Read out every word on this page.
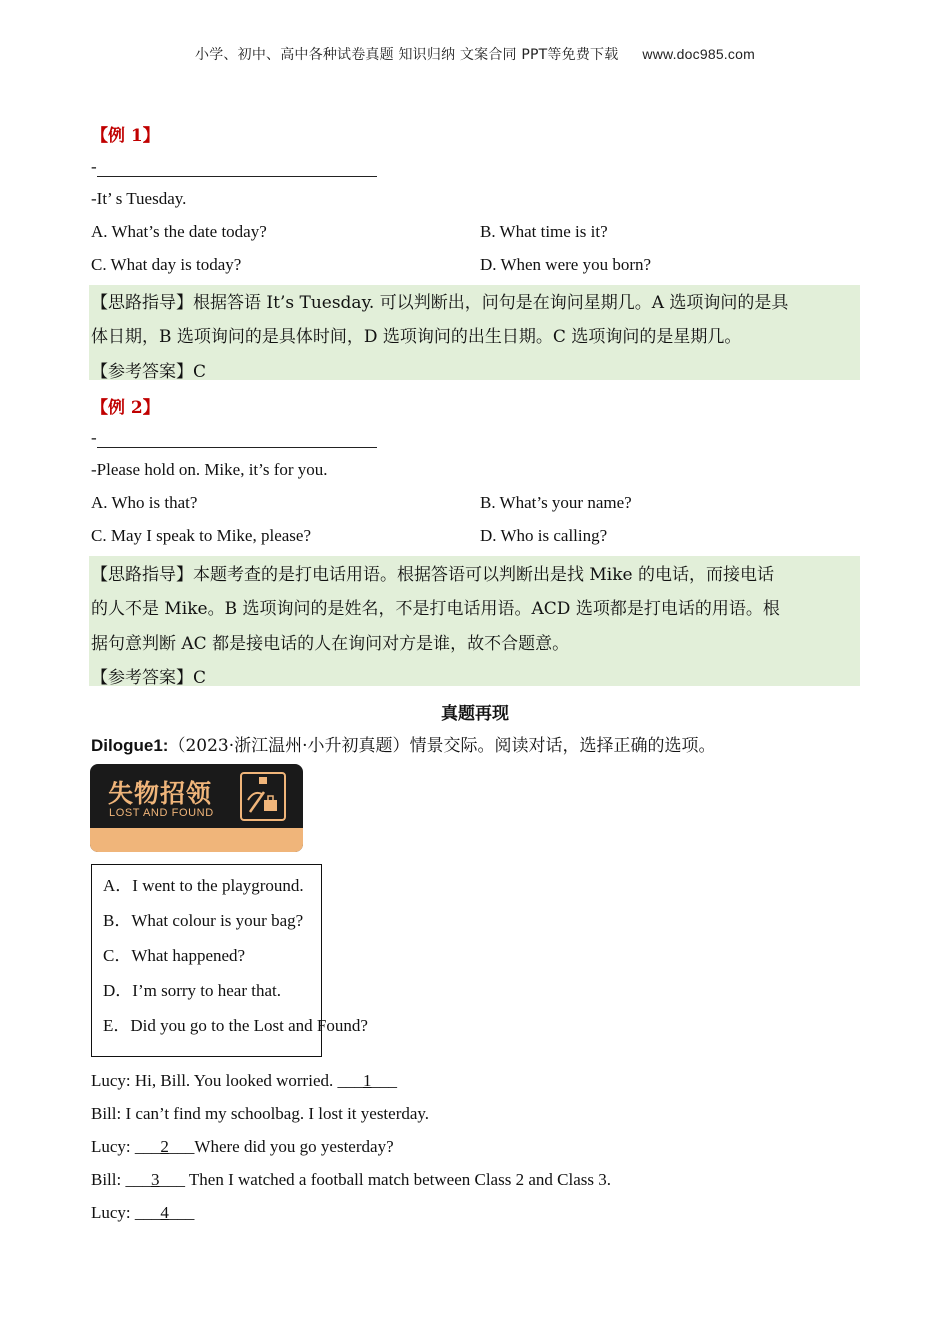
小学、初中、高中各种试卷真题 知识归纳 文案合同 PPT等免费下载 www.doc985.com
【例 1】
-
-It’ s Tuesday.
A. What’s the date today?	B. What time is it?
C. What day is today?	D. When were you born?
【思路指导】根据答语 It’s Tuesday. 可以判断出，问句是在询问星期几。A 选项询问的是具
体日期，B 选项询问的是具体时间，D 选项询问的出生日期。C 选项询问的是星期几。
【参考答案】C
【例 2】
-
-Please hold on. Mike, it’s for you.
A. Who is that?	B. What’s your name?
C. May I speak to Mike, please?	D. Who is calling?
【思路指导】本题考查的是打电话用语。根据答语可以判断出是找 Mike 的电话，而接电话
的人不是 Mike。B 选项询问的是姓名，不是打电话用语。ACD 选项都是打电话的用语。根
据句意判断 AC 都是接电话的人在询问对方是谁，故不合题意。
【参考答案】C
真题再现
Dilogue1:（2023·浙江温州·小升初真题）情景交际。阅读对话，选择正确的选项。
失物招领
LOST AND FOUND
A．I went to the playground.
B．What colour is your bag?
C．What happened?
D．I’m sorry to hear that.
E．Did you go to the Lost and Found?
Lucy: Hi, Bill. You looked worried. ___1___
Bill: I can’t find my schoolbag. I lost it yesterday.
Lucy: ___2___Where did you go yesterday?
Bill: ___3___ Then I watched a football match between Class 2 and Class 3.
Lucy: ___4___
